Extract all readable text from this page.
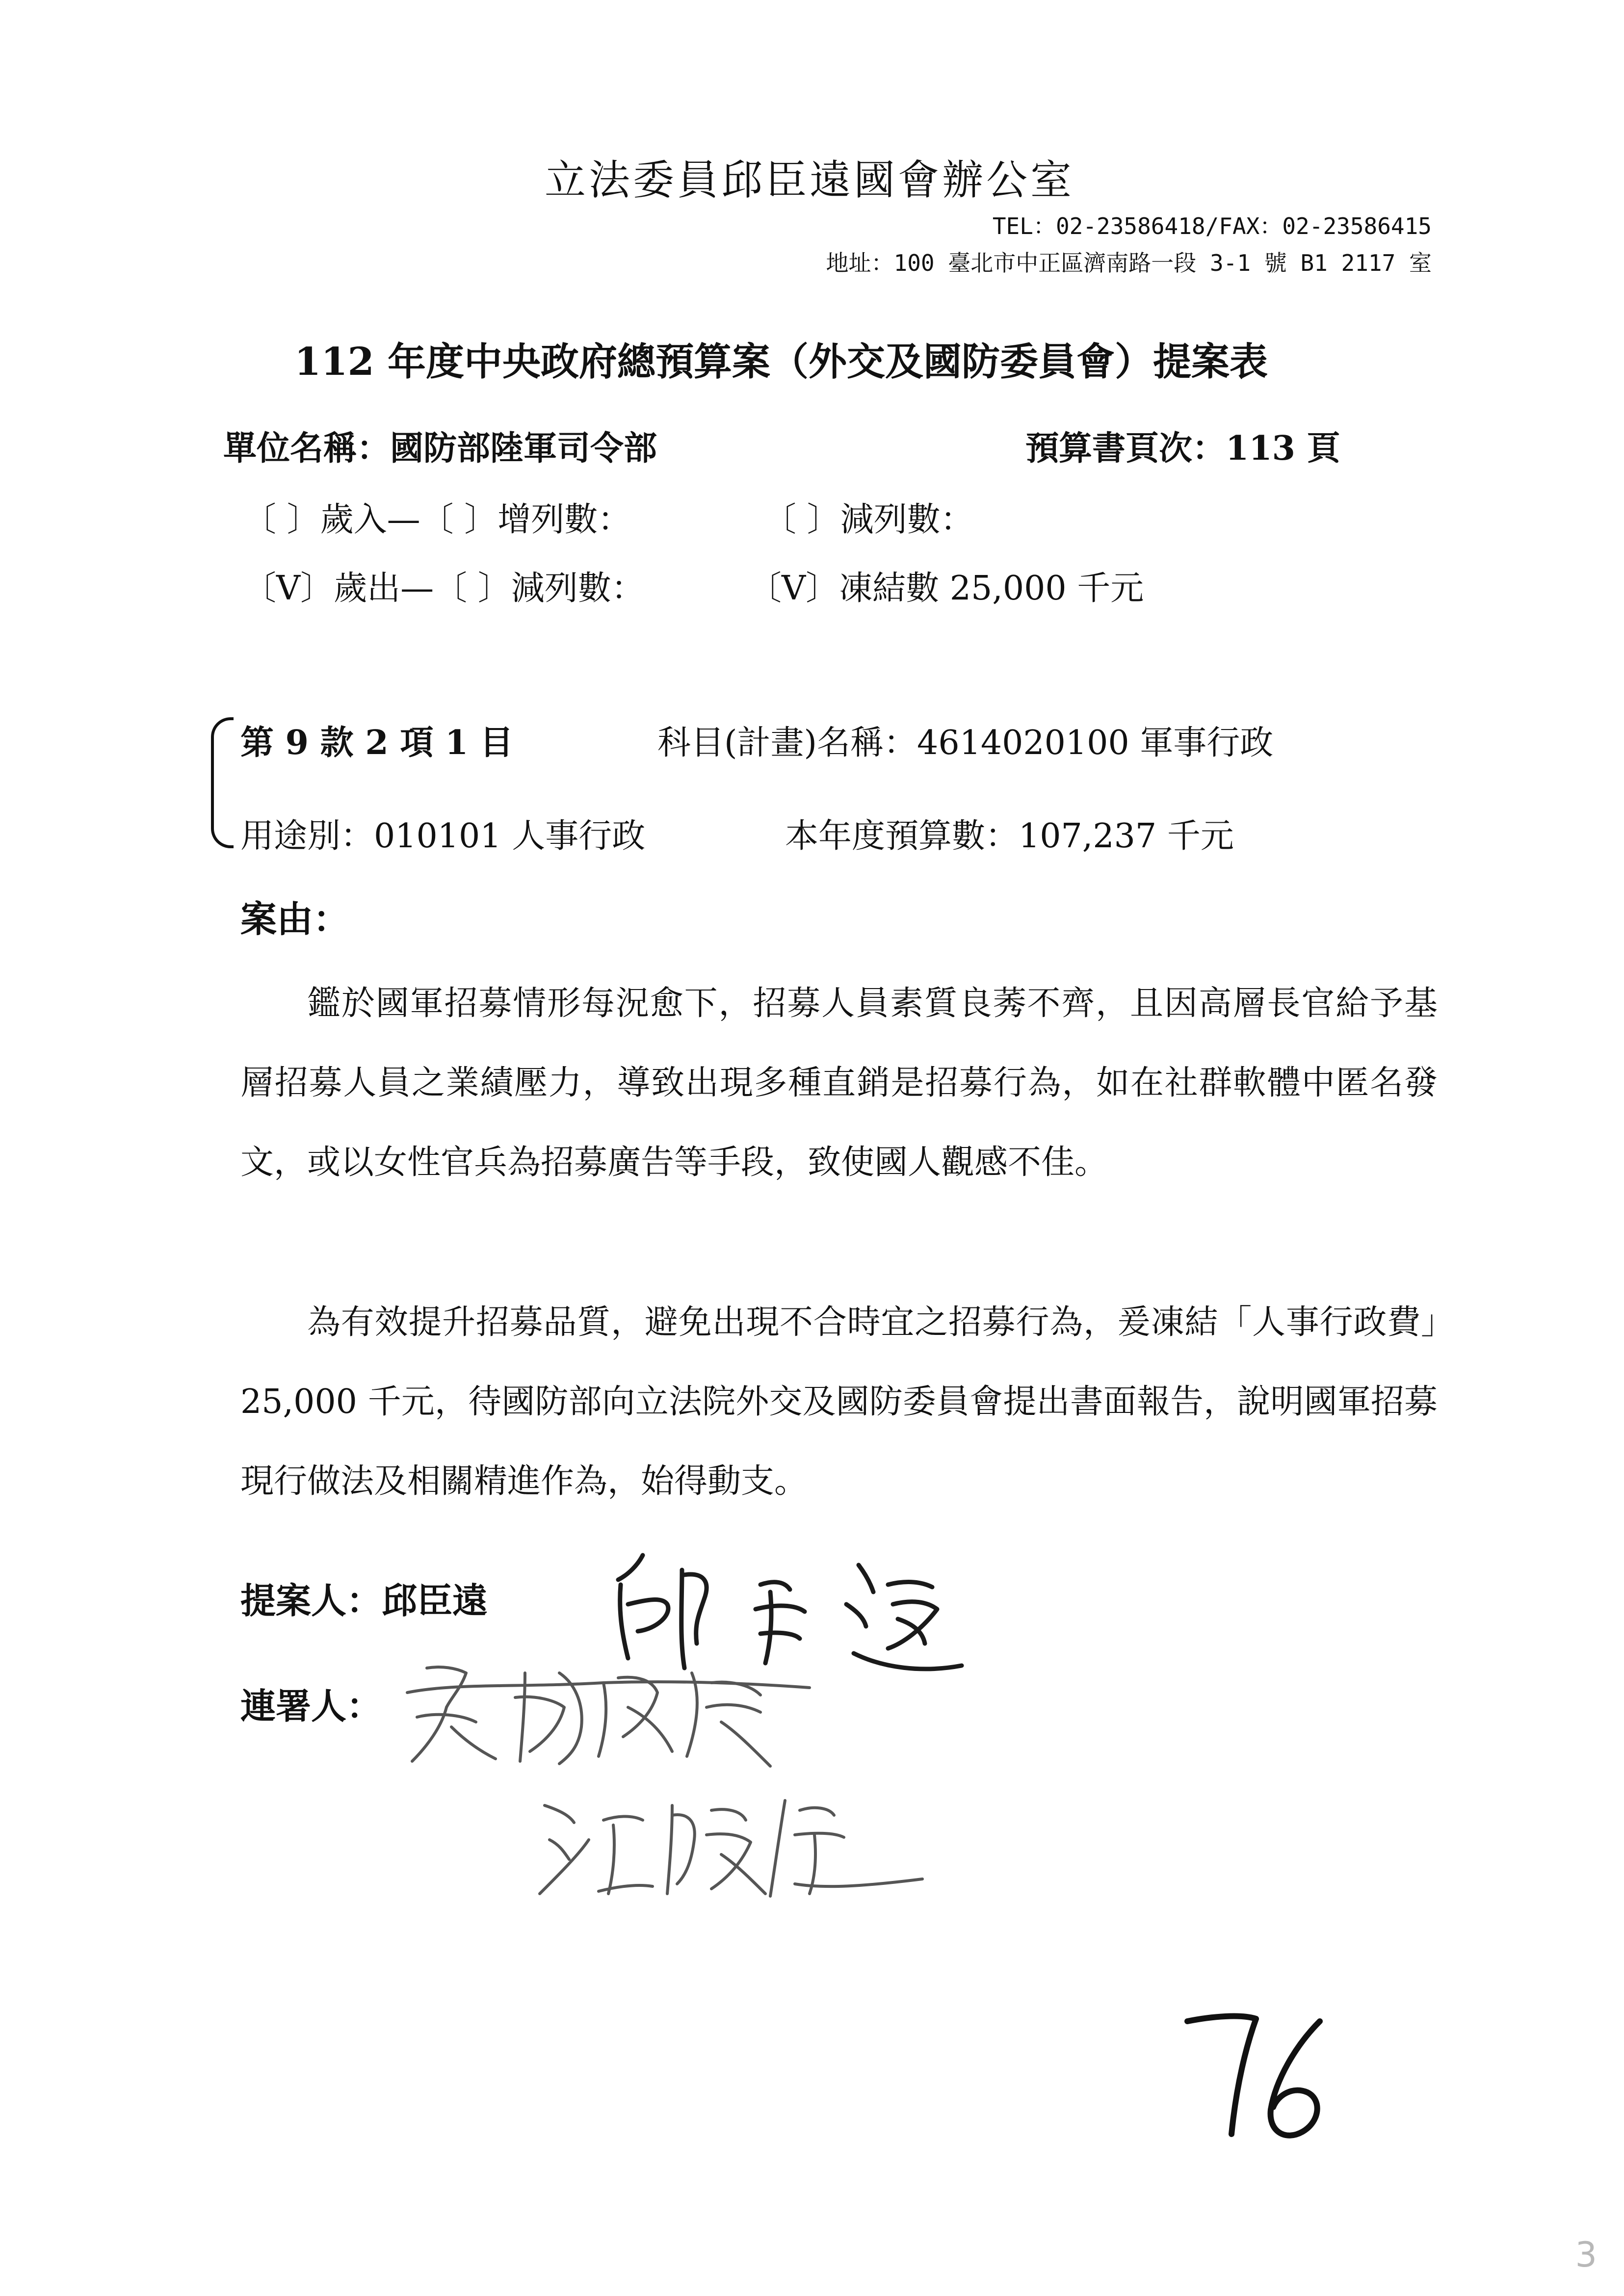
立法委員邱臣遠國會辦公室
TEL：02-23586418/FAX：02-23586415
地址：100 臺北市中正區濟南路一段 3-1 號 B1 2117 室
112 年度中央政府總預算案（外交及國防委員會）提案表
單位名稱：國防部陸軍司令部	預算書頁次：113 頁
〔 〕歲入—〔 〕增列數：	〔 〕減列數：
〔V〕歲出—〔 〕減列數：	〔V〕凍結數 25,000 千元
第 9 款 2 項 1 目	科目(計畫)名稱：4614020100 軍事行政
用途別：010101 人事行政	本年度預算數：107,237 千元
案由：
鑑於國軍招募情形每況愈下，招募人員素質良莠不齊，且因高層長官給予基層招募人員之業績壓力，導致出現多種直銷是招募行為，如在社群軟體中匿名發文，或以女性官兵為招募廣告等手段，致使國人觀感不佳。
為有效提升招募品質，避免出現不合時宜之招募行為，爰凍結「人事行政費」25,000 千元，待國防部向立法院外交及國防委員會提出書面報告，說明國軍招募現行做法及相關精進作為，始得動支。
提案人：邱臣遠
連署人：
3
